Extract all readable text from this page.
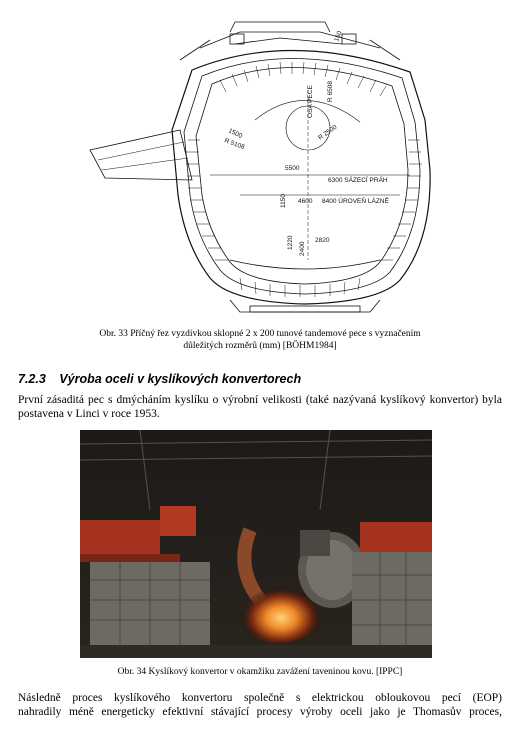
150
R 6508
OSA PECE
R 2500
1500
R 5108
5500
6300 SÁZECÍ PRÁH
8400 ÚROVEŇ LÁZNĚ
1150 4600
1220 2400
2820
Obr. 33 Příčný řez vyzdívkou sklopné 2 x 200 tunové tandemové pece s vyznačením
důležitých rozměrů (mm) [BÖHM1984]
7.2.3 Výroba oceli v kyslíkových konvertorech
První zásaditá pec s dmýcháním kyslíku o výrobní velikosti (také nazývaná kyslíkový konvertor) byla postavena v Linci v roce 1953.
Obr. 34 Kyslíkový konvertor v okamžiku zavážení taveninou kovu. [IPPC]
Následně proces kyslíkového konvertoru společně s elektrickou obloukovou pecí (EOP)
nahradily méně energeticky efektivní stávající procesy výroby oceli jako je Thomasův proces,
